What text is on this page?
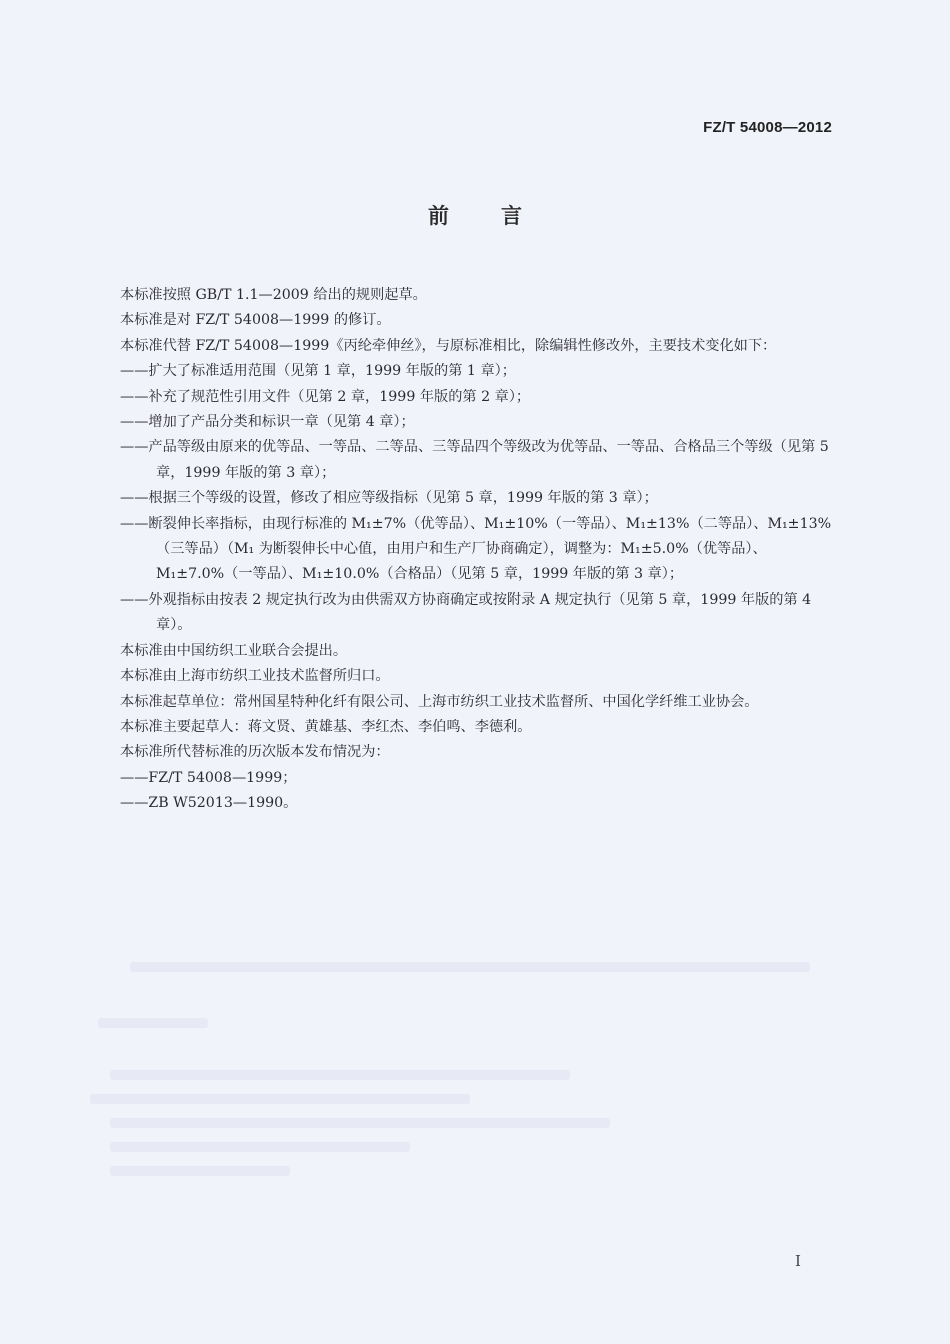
FZ/T 54008—2012
前言

本标准按照 GB/T 1.1—2009 给出的规则起草。

本标准是对 FZ/T 54008—1999 的修订。

本标准代替 FZ/T 54008—1999《丙纶牵伸丝》，与原标准相比，除编辑性修改外，主要技术变化如下：

——扩大了标准适用范围（见第 1 章，1999 年版的第 1 章）；

——补充了规范性引用文件（见第 2 章，1999 年版的第 2 章）；

——增加了产品分类和标识一章（见第 4 章）；

——产品等级由原来的优等品、一等品、二等品、三等品四个等级改为优等品、一等品、合格品三个等级（见第 5 章，1999 年版的第 3 章）；

——根据三个等级的设置，修改了相应等级指标（见第 5 章，1999 年版的第 3 章）；

——断裂伸长率指标，由现行标准的 M₁±7%（优等品）、M₁±10%（一等品）、M₁±13%（二等品）、M₁±13%（三等品）（M₁ 为断裂伸长中心值，由用户和生产厂协商确定），调整为：M₁±5.0%（优等品）、M₁±7.0%（一等品）、M₁±10.0%（合格品）（见第 5 章，1999 年版的第 3 章）；

——外观指标由按表 2 规定执行改为由供需双方协商确定或按附录 A 规定执行（见第 5 章，1999 年版的第 4 章）。

本标准由中国纺织工业联合会提出。

本标准由上海市纺织工业技术监督所归口。

本标准起草单位：常州国星特种化纤有限公司、上海市纺织工业技术监督所、中国化学纤维工业协会。

本标准主要起草人：蒋文贤、黄雄基、李红杰、李伯鸣、李德利。

本标准所代替标准的历次版本发布情况为：

——FZ/T 54008—1999；

——ZB W52013—1990。

I
